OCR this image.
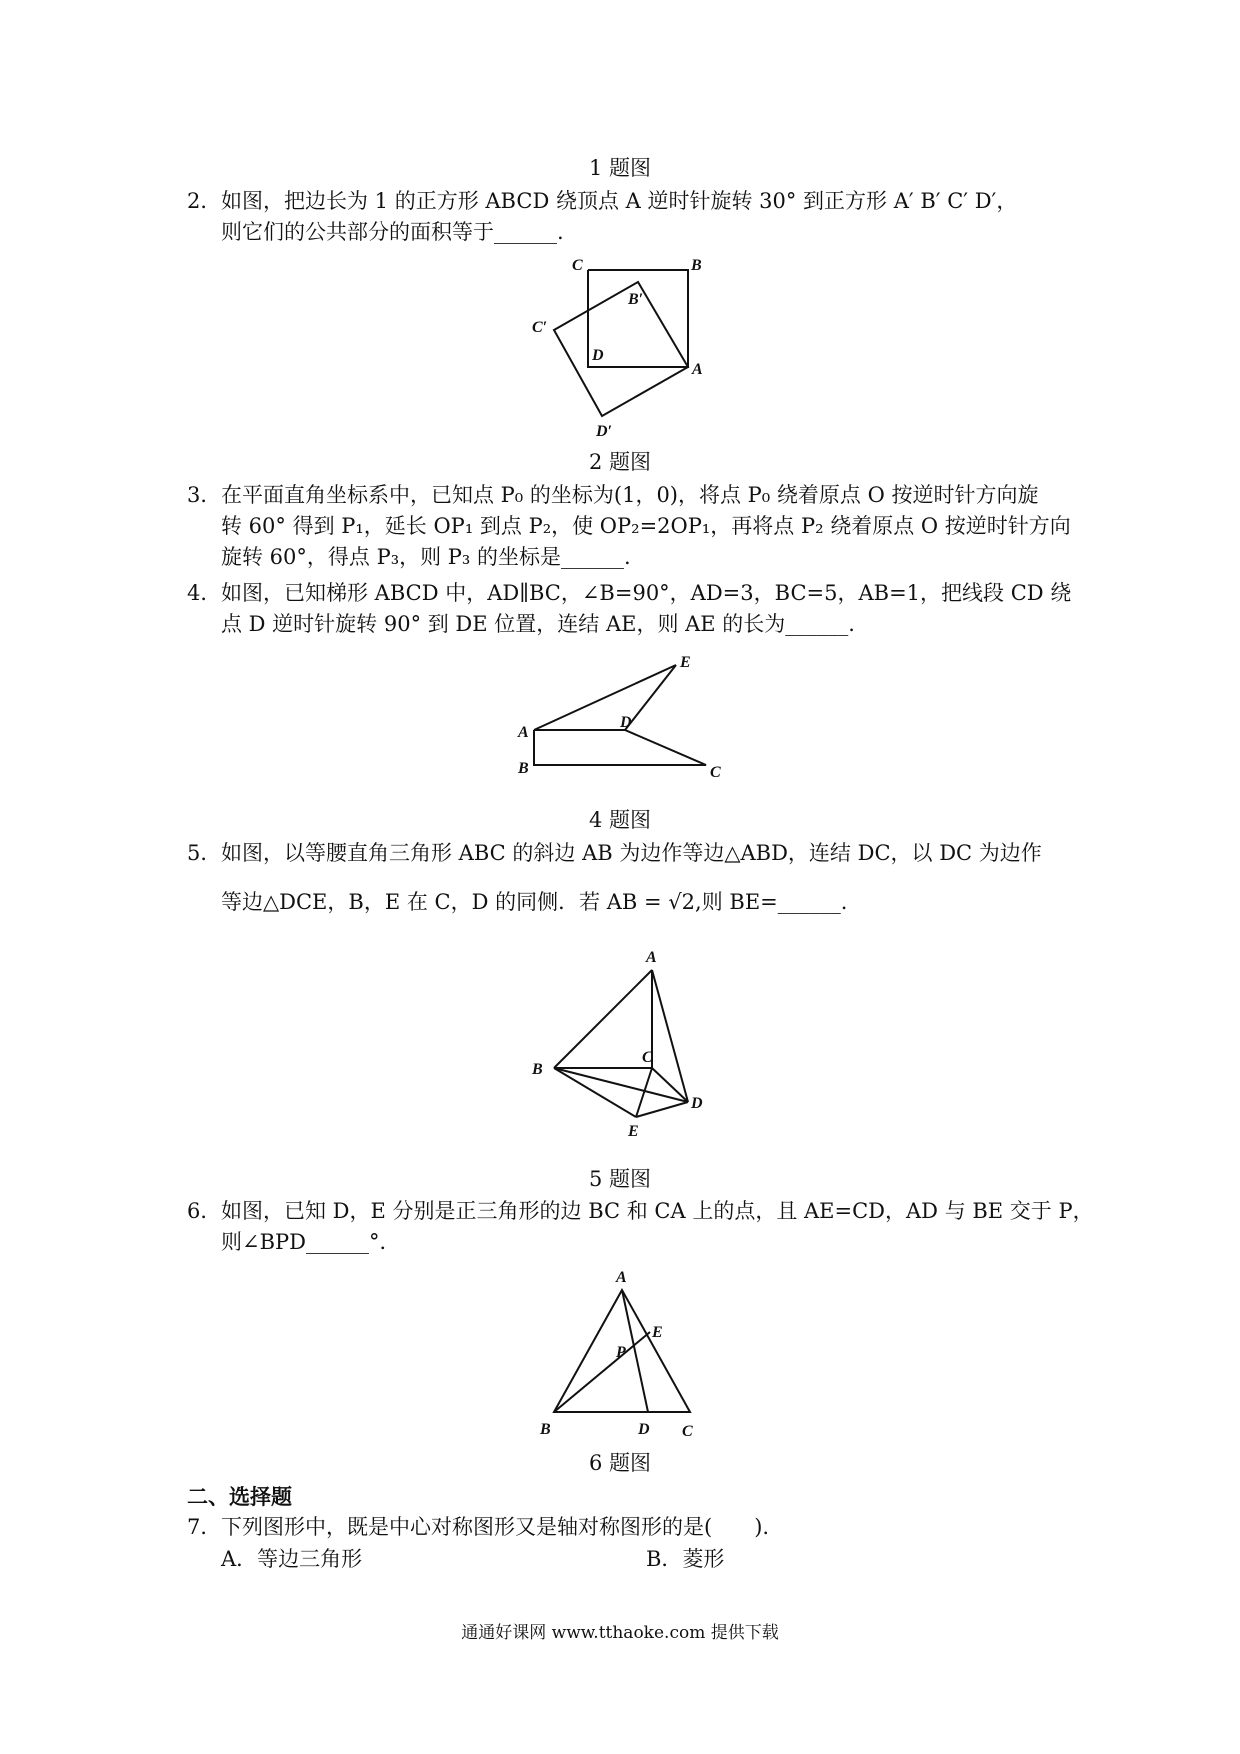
1 题图
2． 如图，把边长为 1 的正方形 ABCD 绕顶点 A 逆时针旋转 30° 到正方形 A′ B′ C′ D′，
则它们的公共部分的面积等于______.
C	B
B′
C′
D
A
D′
2 题图
3． 在平面直角坐标系中，已知点 P₀ 的坐标为(1，0)，将点 P₀ 绕着原点 O 按逆时针方向旋
转 60° 得到 P₁，延长 OP₁ 到点 P₂，使 OP₂=2OP₁，再将点 P₂ 绕着原点 O 按逆时针方向
旋转 60°，得点 P₃，则 P₃ 的坐标是______.
4． 如图，已知梯形 ABCD 中，AD∥BC，∠B=90°，AD=3，BC=5，AB=1，把线段 CD 绕
点 D 逆时针旋转 90° 到 DE 位置，连结 AE，则 AE 的长为______.
E
A
D
B	C
4 题图
5． 如图，以等腰直角三角形 ABC 的斜边 AB 为边作等边△ABD，连结 DC，以 DC 为边作
等边△DCE，B，E 在 C，D 的同侧．若 AB = √2,则 BE=______.
A
C
B
D
E
5 题图
6． 如图，已知 D，E 分别是正三角形的边 BC 和 CA 上的点，且 AE=CD，AD 与 BE 交于 P，
则∠BPD______°．
A
E
P
B	D C
6 题图
二、选择题
7． 下列图形中，既是中心对称图形又是轴对称图形的是(　　).
A．等边三角形	B．菱形
通通好课网 www.tthaoke.com 提供下载
